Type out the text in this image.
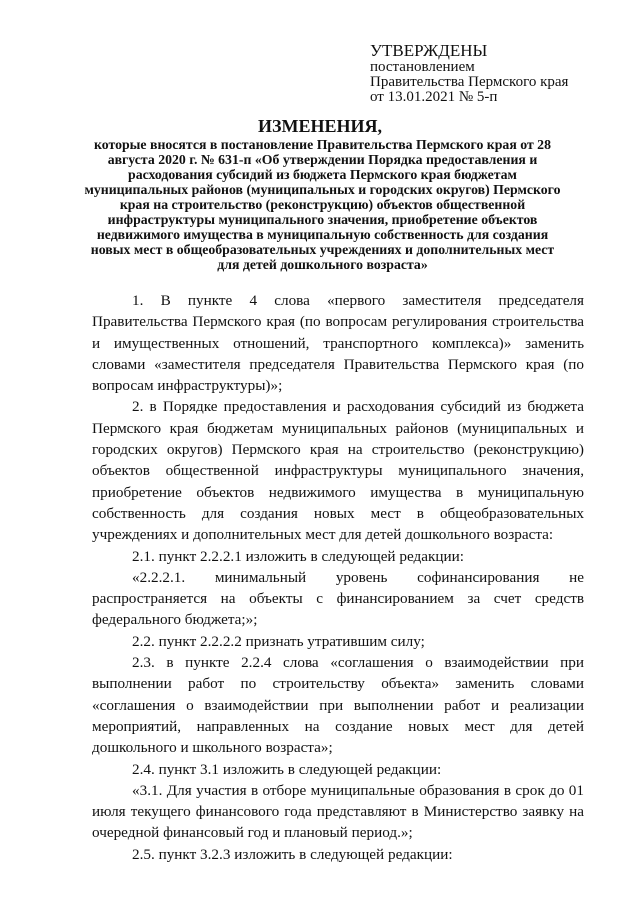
УТВЕРЖДЕНЫ
постановлением
Правительства Пермского края
от 13.01.2021 № 5-п
ИЗМЕНЕНИЯ,
которые вносятся в постановление Правительства Пермского края от 28 августа 2020 г. № 631-п «Об утверждении Порядка предоставления и расходования субсидий из бюджета Пермского края бюджетам муниципальных районов (муниципальных и городских округов) Пермского края на строительство (реконструкцию) объектов общественной инфраструктуры муниципального значения, приобретение объектов недвижимого имущества в муниципальную собственность для создания новых мест в общеобразовательных учреждениях и дополнительных мест для детей дошкольного возраста»

1. В пункте 4 слова «первого заместителя председателя Правительства Пермского края (по вопросам регулирования строительства и имущественных отношений, транспортного комплекса)» заменить словами «заместителя председателя Правительства Пермского края (по вопросам инфраструктуры)»;

2. в Порядке предоставления и расходования субсидий из бюджета Пермского края бюджетам муниципальных районов (муниципальных и городских округов) Пермского края на строительство (реконструкцию) объектов общественной инфраструктуры муниципального значения, приобретение объектов недвижимого имущества в муниципальную собственность для создания новых мест в общеобразовательных учреждениях и дополнительных мест для детей дошкольного возраста:

2.1. пункт 2.2.2.1 изложить в следующей редакции:

«2.2.2.1. минимальный уровень софинансирования не распространяется на объекты с финансированием за счет средств федерального бюджета;»;

2.2. пункт 2.2.2.2 признать утратившим силу;

2.3. в пункте 2.2.4 слова «соглашения о взаимодействии при выполнении работ по строительству объекта» заменить словами «соглашения о взаимодействии при выполнении работ и реализации мероприятий, направленных на создание новых мест для детей дошкольного и школьного возраста»;

2.4. пункт 3.1 изложить в следующей редакции:

«3.1. Для участия в отборе муниципальные образования в срок до 01 июля текущего финансового года представляют в Министерство заявку на очередной финансовый год и плановый период.»;

2.5. пункт 3.2.3 изложить в следующей редакции:
